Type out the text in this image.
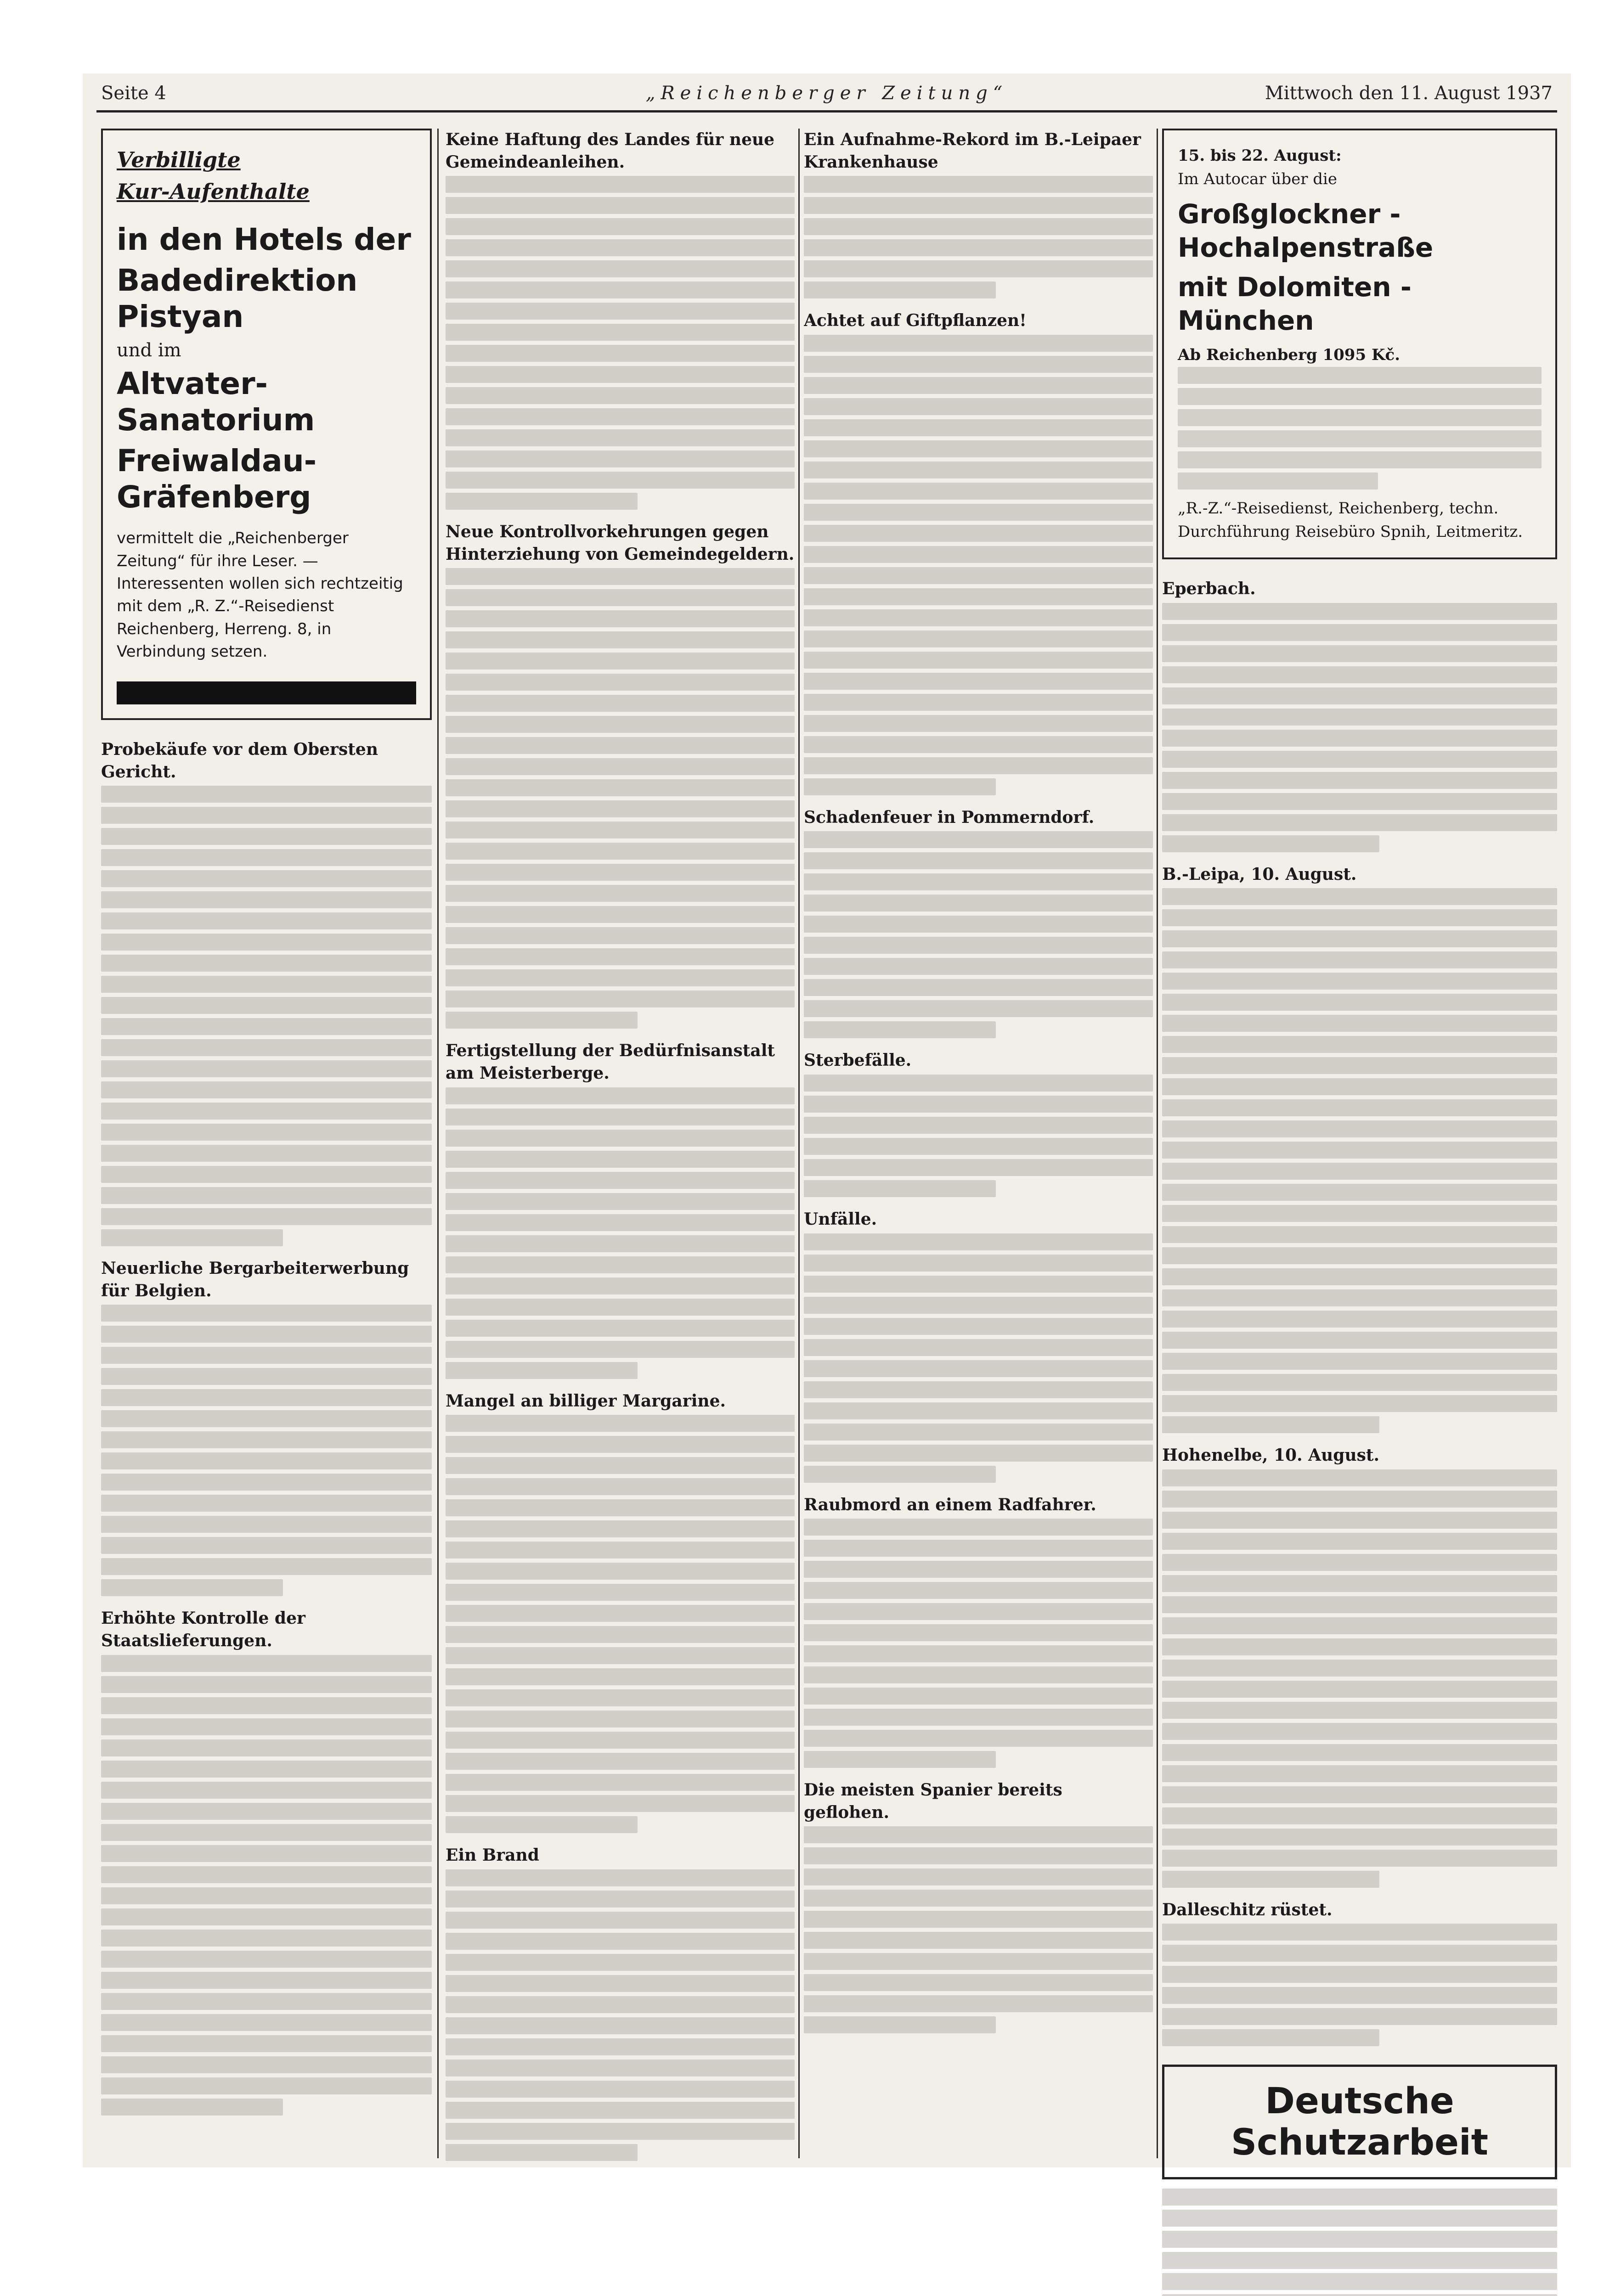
Seite 4	„Reichenberger Zeitung“	Mittwoch den 11. August 1937
Verbilligte
Kur-Aufenthalte
in den Hotels der
Badedirektion Pistyan
und im
Altvater-Sanatorium
Freiwaldau-Gräfenberg
vermittelt die „Reichenberger Zeitung“ für ihre Leser. — Interessenten wollen sich rechtzeitig mit dem „R. Z.“-Reisedienst Reichenberg, Herreng. 8, in Verbindung setzen.
Probekäufe vor dem Obersten Gericht.
Neuerliche Bergarbeiterwerbung für Belgien.
Erhöhte Kontrolle der Staatslieferungen.
Keine Haftung des Landes für neue Gemeindeanleihen.
Neue Kontrollvorkehrungen gegen Hinterziehung von Gemeindegeldern.
Fertigstellung der Bedürfnisanstalt am Meisterberge.
Mangel an billiger Margarine.
Ein Brand
Ein Aufnahme-Rekord im B.-Leipaer Krankenhause
Achtet auf Giftpflanzen!
Schadenfeuer in Pommerndorf.
Sterbefälle.
Unfälle.
Raubmord an einem Radfahrer.
Die meisten Spanier bereits geflohen.
15. bis 22. August:
Im Autocar über die
Großglockner - Hochalpenstraße
mit Dolomiten - München
Ab Reichenberg 1095 Kč.
„R.-Z.“-Reisedienst, Reichenberg, techn. Durchführung Reisebüro Spnih, Leitmeritz.
Eperbach.
B.-Leipa, 10. August.
Hohenelbe, 10. August.
Dalleschitz rüstet.
Deutsche Schutzarbeit
